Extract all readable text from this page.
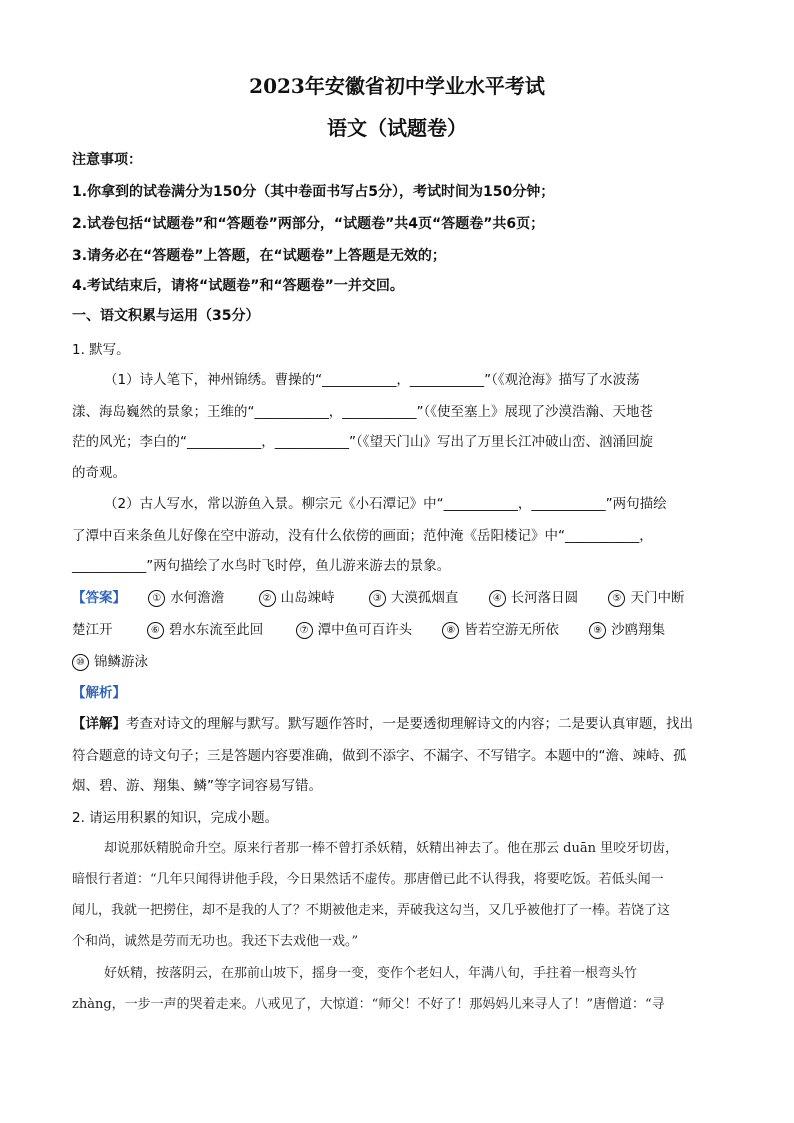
2023年安徽省初中学业水平考试
语文（试题卷）
注意事项：
1.你拿到的试卷满分为150分（其中卷面书写占5分），考试时间为150分钟；
2.试卷包括“试题卷”和“答题卷”两部分，“试题卷”共4页“答题卷”共6页；
3.请务必在“答题卷”上答题，在“试题卷”上答题是无效的；
4.考试结束后，请将“试题卷”和“答题卷”一并交回。
一、语文积累与运用（35分）
1. 默写。
（1）诗人笔下，神州锦绣。曹操的“___________，___________”（《观沧海》描写了水波荡
漾、海岛巍然的景象；王维的“___________，___________”（《使至塞上》展现了沙漠浩瀚、天地苍
茫的风光；李白的“___________，___________”（《望天门山》写出了万里长江冲破山峦、汹涌回旋
的奇观。
（2）古人写水，常以游鱼入景。柳宗元《小石潭记》中“___________，___________”两句描绘
了潭中百来条鱼儿好像在空中游动，没有什么依傍的画面；范仲淹《岳阳楼记》中“___________，
___________”两句描绘了水鸟时飞时停，鱼儿游来游去的景象。
【答案】	① 水何澹澹	② 山岛竦峙	③ 大漠孤烟直	④ 长河落日圆	⑤ 天门中断
楚江开	⑥ 碧水东流至此回	⑦ 潭中鱼可百许头	⑧ 皆若空游无所依	⑨ 沙鸥翔集
⑩ 锦鳞游泳
【解析】
【详解】考查对诗文的理解与默写。默写题作答时，一是要透彻理解诗文的内容；二是要认真审题，找出
符合题意的诗文句子；三是答题内容要准确，做到不添字、不漏字、不写错字。本题中的“澹、竦峙、孤
烟、碧、游、翔集、鳞”等字词容易写错。
2. 请运用积累的知识，完成小题。
却说那妖精脱命升空。原来行者那一棒不曾打杀妖精，妖精出神去了。他在那云 duān 里咬牙切齿，
暗恨行者道：“几年只闻得讲他手段，今日果然话不虚传。那唐僧已此不认得我，将要吃饭。若低头闻一
闻儿，我就一把撈住，却不是我的人了？不期被他走来，弄破我这勾当，又几乎被他打了一棒。若饶了这
个和尚，诚然是劳而无功也。我还下去戏他一戏。”
好妖精，按落阴云，在那前山坡下，摇身一变，变作个老妇人，年满八旬，手拄着一根弯头竹
zhàng，一步一声的哭着走来。八戒见了，大惊道：“师父！不好了！那妈妈儿来寻人了！”唐僧道：“寻
